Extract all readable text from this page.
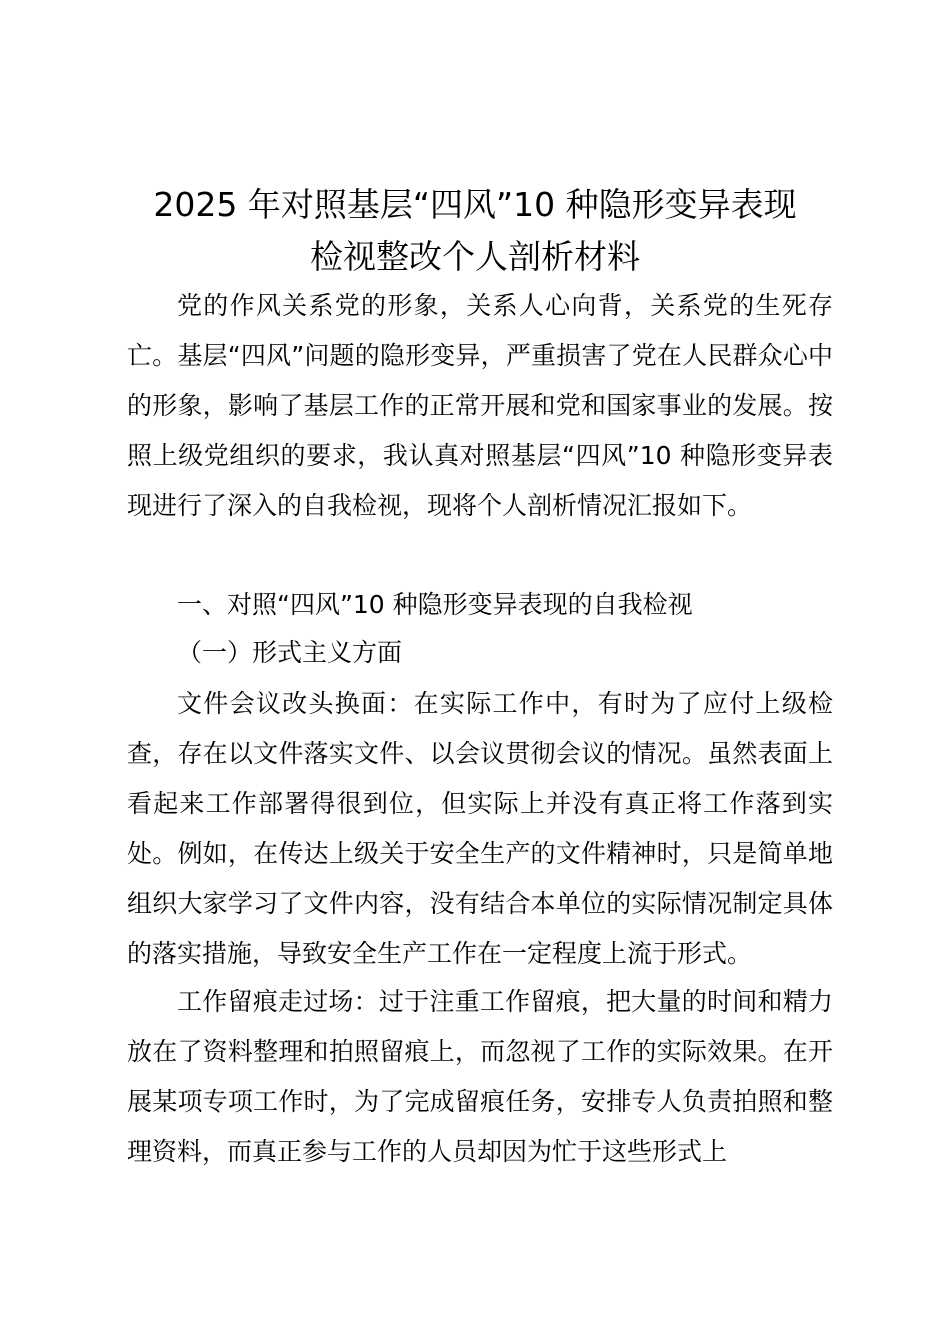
2025 年对照基层“四风”10 种隐形变异表现
检视整改个人剖析材料
党的作风关系党的形象，关系人心向背，关系党的生死存亡。基层“四风”问题的隐形变异，严重损害了党在人民群众心中的形象，影响了基层工作的正常开展和党和国家事业的发展。按照上级党组织的要求，我认真对照基层“四风”10 种隐形变异表现进行了深入的自我检视，现将个人剖析情况汇报如下。
一、对照“四风”10 种隐形变异表现的自我检视
（一）形式主义方面
文件会议改头换面：在实际工作中，有时为了应付上级检查，存在以文件落实文件、以会议贯彻会议的情况。虽然表面上看起来工作部署得很到位，但实际上并没有真正将工作落到实处。例如，在传达上级关于安全生产的文件精神时，只是简单地组织大家学习了文件内容，没有结合本单位的实际情况制定具体的落实措施，导致安全生产工作在一定程度上流于形式。
工作留痕走过场：过于注重工作留痕，把大量的时间和精力放在了资料整理和拍照留痕上，而忽视了工作的实际效果。在开展某项专项工作时，为了完成留痕任务，安排专人负责拍照和整理资料，而真正参与工作的人员却因为忙于这些形式上
